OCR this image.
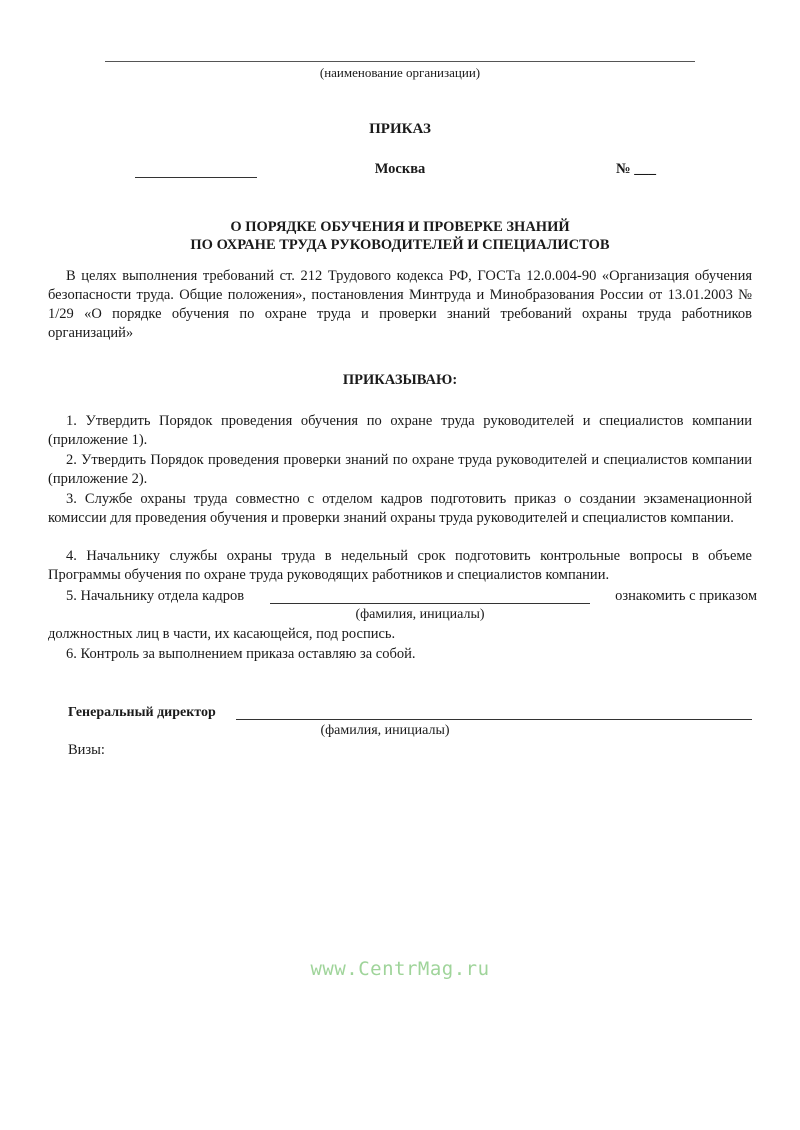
(наименование организации)
ПРИКАЗ
Москва	№ ___
О ПОРЯДКЕ ОБУЧЕНИЯ И ПРОВЕРКЕ ЗНАНИЙ
ПО ОХРАНЕ ТРУДА РУКОВОДИТЕЛЕЙ И СПЕЦИАЛИСТОВ
В целях выполнения требований ст. 212 Трудового кодекса РФ, ГОСТа 12.0.004-90 «Организация обучения безопасности труда. Общие положения», постановления Минтруда и Минобразования России от 13.01.2003 № 1/29 «О порядке обучения по охране труда и проверки знаний требований охраны труда работников организаций»
ПРИКАЗЫВАЮ:
1. Утвердить Порядок проведения обучения по охране труда руководителей и специалистов компании (приложение 1).
2. Утвердить Порядок проведения проверки знаний по охране труда руководителей и специалистов компании (приложение 2).
3. Службе охраны труда совместно с отделом кадров подготовить приказ о создании экзаменационной комиссии для проведения обучения и проверки знаний охраны труда руководителей и специалистов компании.
4. Начальнику службы охраны труда в недельный срок подготовить контрольные вопросы в объеме Программы обучения по охране труда руководящих работников и специалистов компании.
5. Начальнику отдела кадров	ознакомить с приказом
(фамилия, инициалы)
должностных лиц в части, их касающейся, под роспись.
6. Контроль за выполнением приказа оставляю за собой.
Генеральный директор
(фамилия, инициалы)
Визы:
www.CentrMag.ru
